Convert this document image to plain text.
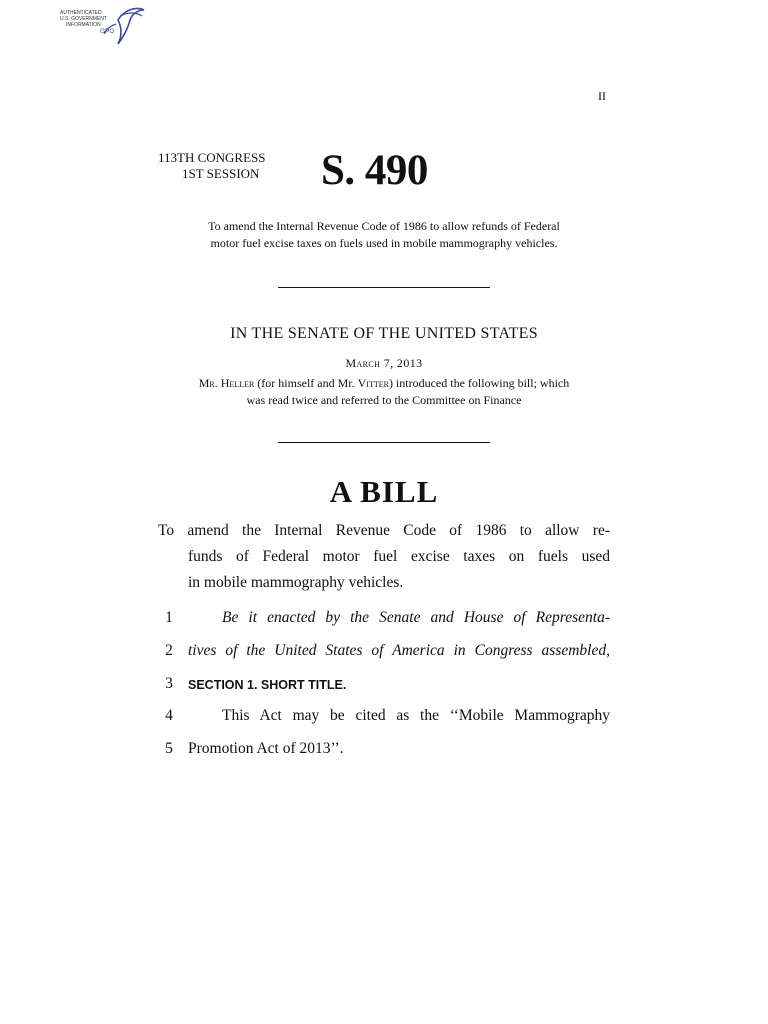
AUTHENTICATED
U.S. GOVERNMENT
INFORMATION
GPO
II
113TH CONGRESS
1ST SESSION S. 490
To amend the Internal Revenue Code of 1986 to allow refunds of Federal
motor fuel excise taxes on fuels used in mobile mammography vehicles.
IN THE SENATE OF THE UNITED STATES
March 7, 2013
Mr. Heller (for himself and Mr. Vitter) introduced the following bill; which
was read twice and referred to the Committee on Finance
A BILL
To amend the Internal Revenue Code of 1986 to allow re-
funds of Federal motor fuel excise taxes on fuels used
in mobile mammography vehicles.
1	Be it enacted by the Senate and House of Representa-
2 tives of the United States of America in Congress assembled,
3	SECTION 1. SHORT TITLE.
4	This Act may be cited as the ‘‘Mobile Mammography
5 Promotion Act of 2013’’.
